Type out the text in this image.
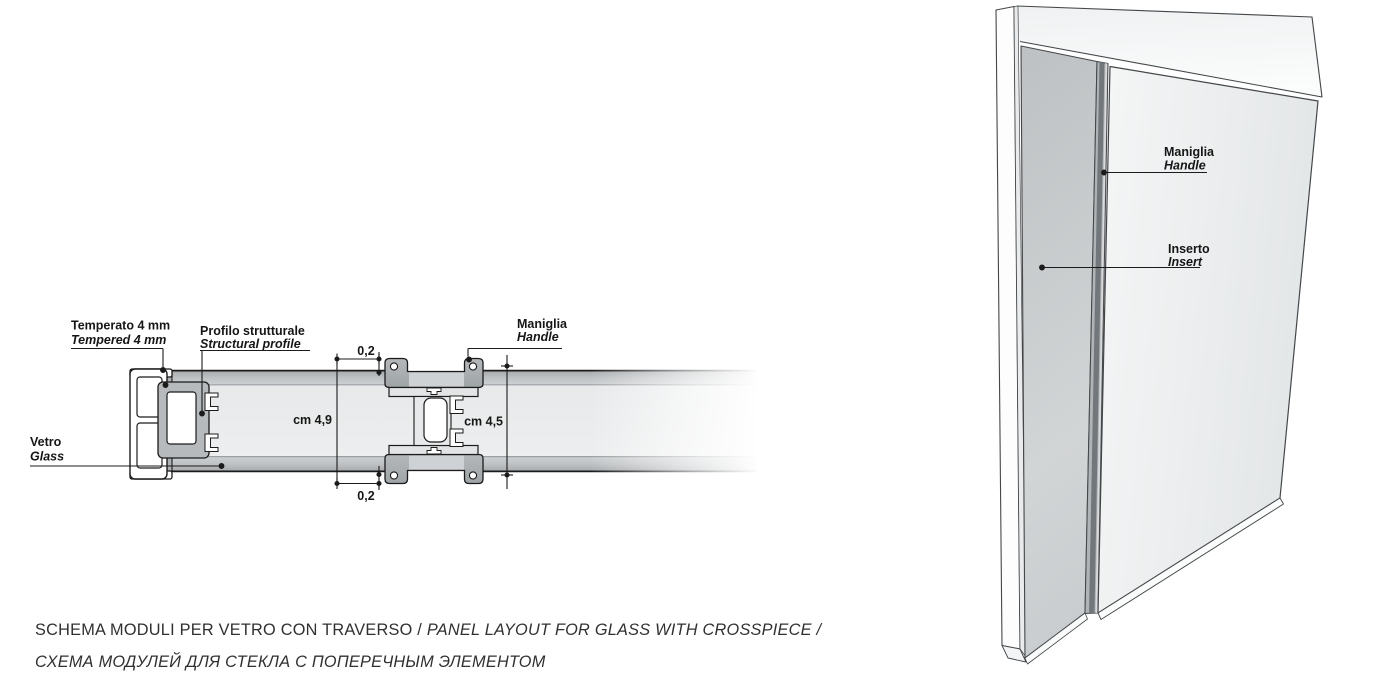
Temperato 4 mm
Tempered 4 mm
Profilo strutturale
Structural profile
Vetro
Glass
Maniglia
Handle
0,2
0,2
cm 4,9	cm 4,5
Maniglia
Handle
Inserto
Insert
SCHEMA MODULI PER VETRO CON TRAVERSO / PANEL LAYOUT FOR GLASS WITH CROSSPIECE /
СХЕМА МОДУЛЕЙ ДЛЯ СТЕКЛА С ПОПЕРЕЧНЫМ ЭЛЕМЕНТОМ
